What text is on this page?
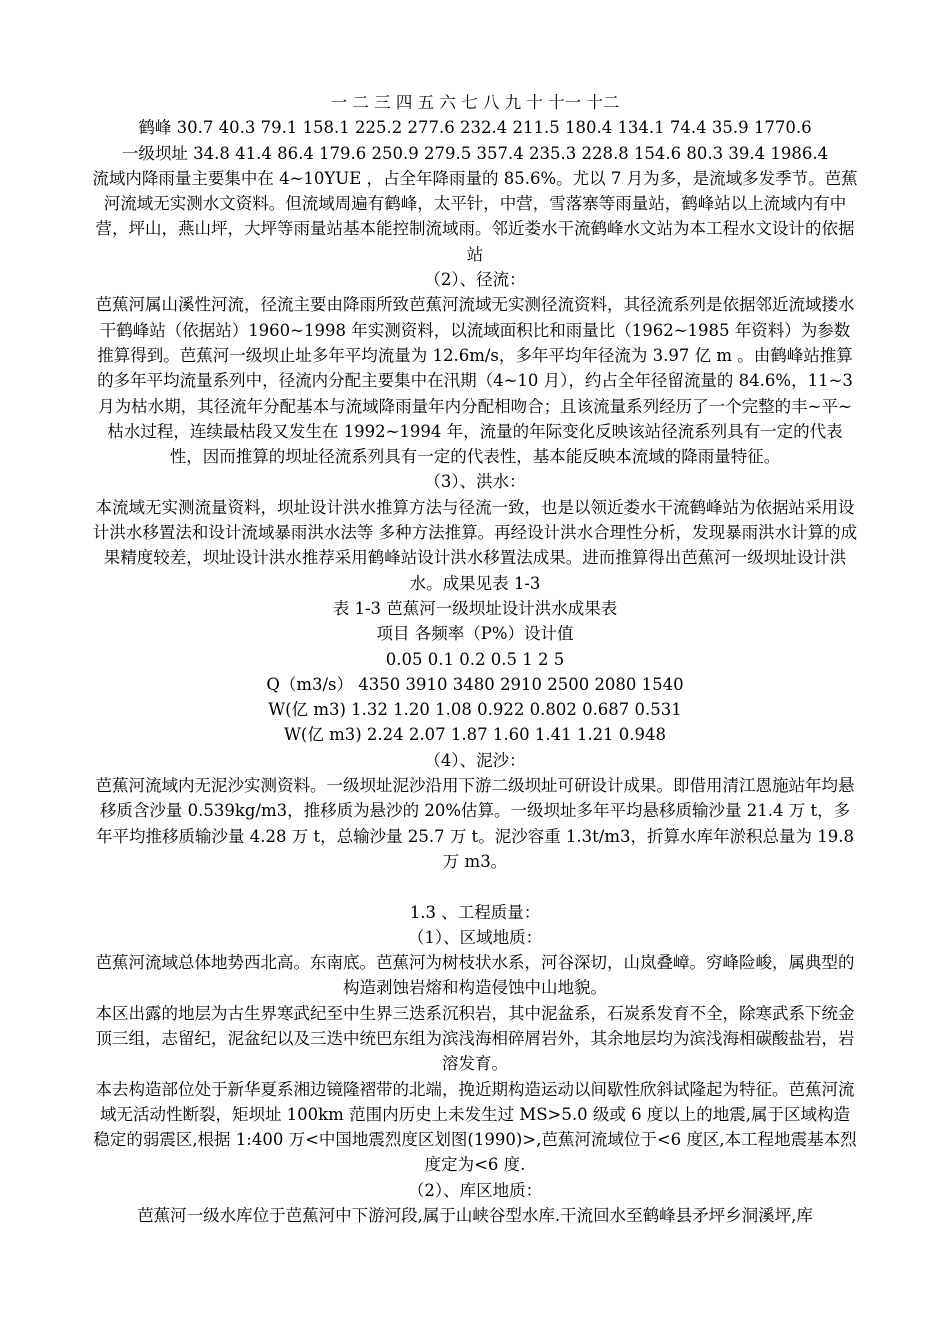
一 二 三 四 五 六 七 八 九 十 十一 十二

鹤峰 30.7 40.3 79.1 158.1 225.2 277.6 232.4 211.5 180.4 134.1 74.4 35.9 1770.6

一级坝址 34.8 41.4 86.4 179.6 250.9 279.5 357.4 235.3 228.8 154.6 80.3 39.4 1986.4

流域内降雨量主要集中在 4~10YUE ，占全年降雨量的 85.6%。尤以 7 月为多，是流域多发季节。芭蕉河流域无实测水文资料。但流域周遍有鹤峰，太平针，中营，雪落寨等雨量站，鹤峰站以上流域内有中营，坪山，燕山坪，大坪等雨量站基本能控制流域雨。邻近娄水干流鹤峰水文站为本工程水文设计的依据站

（2）、径流：

芭蕉河属山溪性河流，径流主要由降雨所致芭蕉河流域无实测径流资料，其径流系列是依据邻近流域搂水干鹤峰站（依据站）1960~1998 年实测资料，以流域面积比和雨量比（1962~1985 年资料）为参数推算得到。芭蕉河一级坝止址多年平均流量为 12.6m/s，多年平均年径流为 3.97 亿 m 。由鹤峰站推算的多年平均流量系列中，径流内分配主要集中在汛期（4~10 月），约占全年径留流量的 84.6%，11~3 月为枯水期，其径流年分配基本与流域降雨量年内分配相吻合；且该流量系列经历了一个完整的丰~平~枯水过程，连续最枯段又发生在 1992~1994 年，流量的年际变化反映该站径流系列具有一定的代表性，因而推算的坝址径流系列具有一定的代表性，基本能反映本流域的降雨量特征。

（3）、洪水：

本流域无实测流量资料，坝址设计洪水推算方法与径流一致，也是以领近娄水干流鹤峰站为依据站采用设计洪水移置法和设计流域暴雨洪水法等 多种方法推算。再经设计洪水合理性分析，发现暴雨洪水计算的成果精度较差，坝址设计洪水推荐采用鹤峰站设计洪水移置法成果。进而推算得出芭蕉河一级坝址设计洪水。成果见表 1-3

表 1-3 芭蕉河一级坝址设计洪水成果表

项目 各频率（P%）设计值

0.05 0.1 0.2 0.5 1 2 5

Q（m3/s） 4350 3910 3480 2910 2500 2080 1540

W(亿 m3) 1.32 1.20 1.08 0.922 0.802 0.687 0.531

W(亿 m3) 2.24 2.07 1.87 1.60 1.41 1.21 0.948

（4）、泥沙：

芭蕉河流域内无泥沙实测资料。一级坝址泥沙沿用下游二级坝址可研设计成果。即借用清江恩施站年均悬移质含沙量 0.539kg/m3，推移质为悬沙的 20%估算。一级坝址多年平均悬移质输沙量 21.4 万 t，多年平均推移质输沙量 4.28 万 t，总输沙量 25.7 万 t。泥沙容重 1.3t/m3，折算水库年淤积总量为 19.8 万 m3。

1.3 、工程质量：

（1）、区域地质：

芭蕉河流域总体地势西北高。东南底。芭蕉河为树枝状水系，河谷深切，山岚叠嶂。穷峰险峻，属典型的构造剥蚀岩熔和构造侵蚀中山地貌。

本区出露的地层为古生界寒武纪至中生界三迭系沉积岩，其中泥盆系，石炭系发育不全，除寒武系下统金顶三组，志留纪，泥盆纪以及三迭中统巴东组为滨浅海相碎屑岩外，其余地层均为滨浅海相碳酸盐岩，岩溶发育。

本去构造部位处于新华夏系湘边镜隆褶带的北端，挽近期构造运动以间歇性欣斜试隆起为特征。芭蕉河流域无活动性断裂，矩坝址 100km 范围内历史上未发生过 MS>5.0 级或 6 度以上的地震,属于区域构造稳定的弱震区,根据 1:400 万<中国地震烈度区划图(1990)>,芭蕉河流域位于<6 度区,本工程地震基本烈度定为<6 度.

（2）、库区地质：

芭蕉河一级水库位于芭蕉河中下游河段,属于山峡谷型水库.干流回水至鹤峰县矛坪乡洞溪坪,库
